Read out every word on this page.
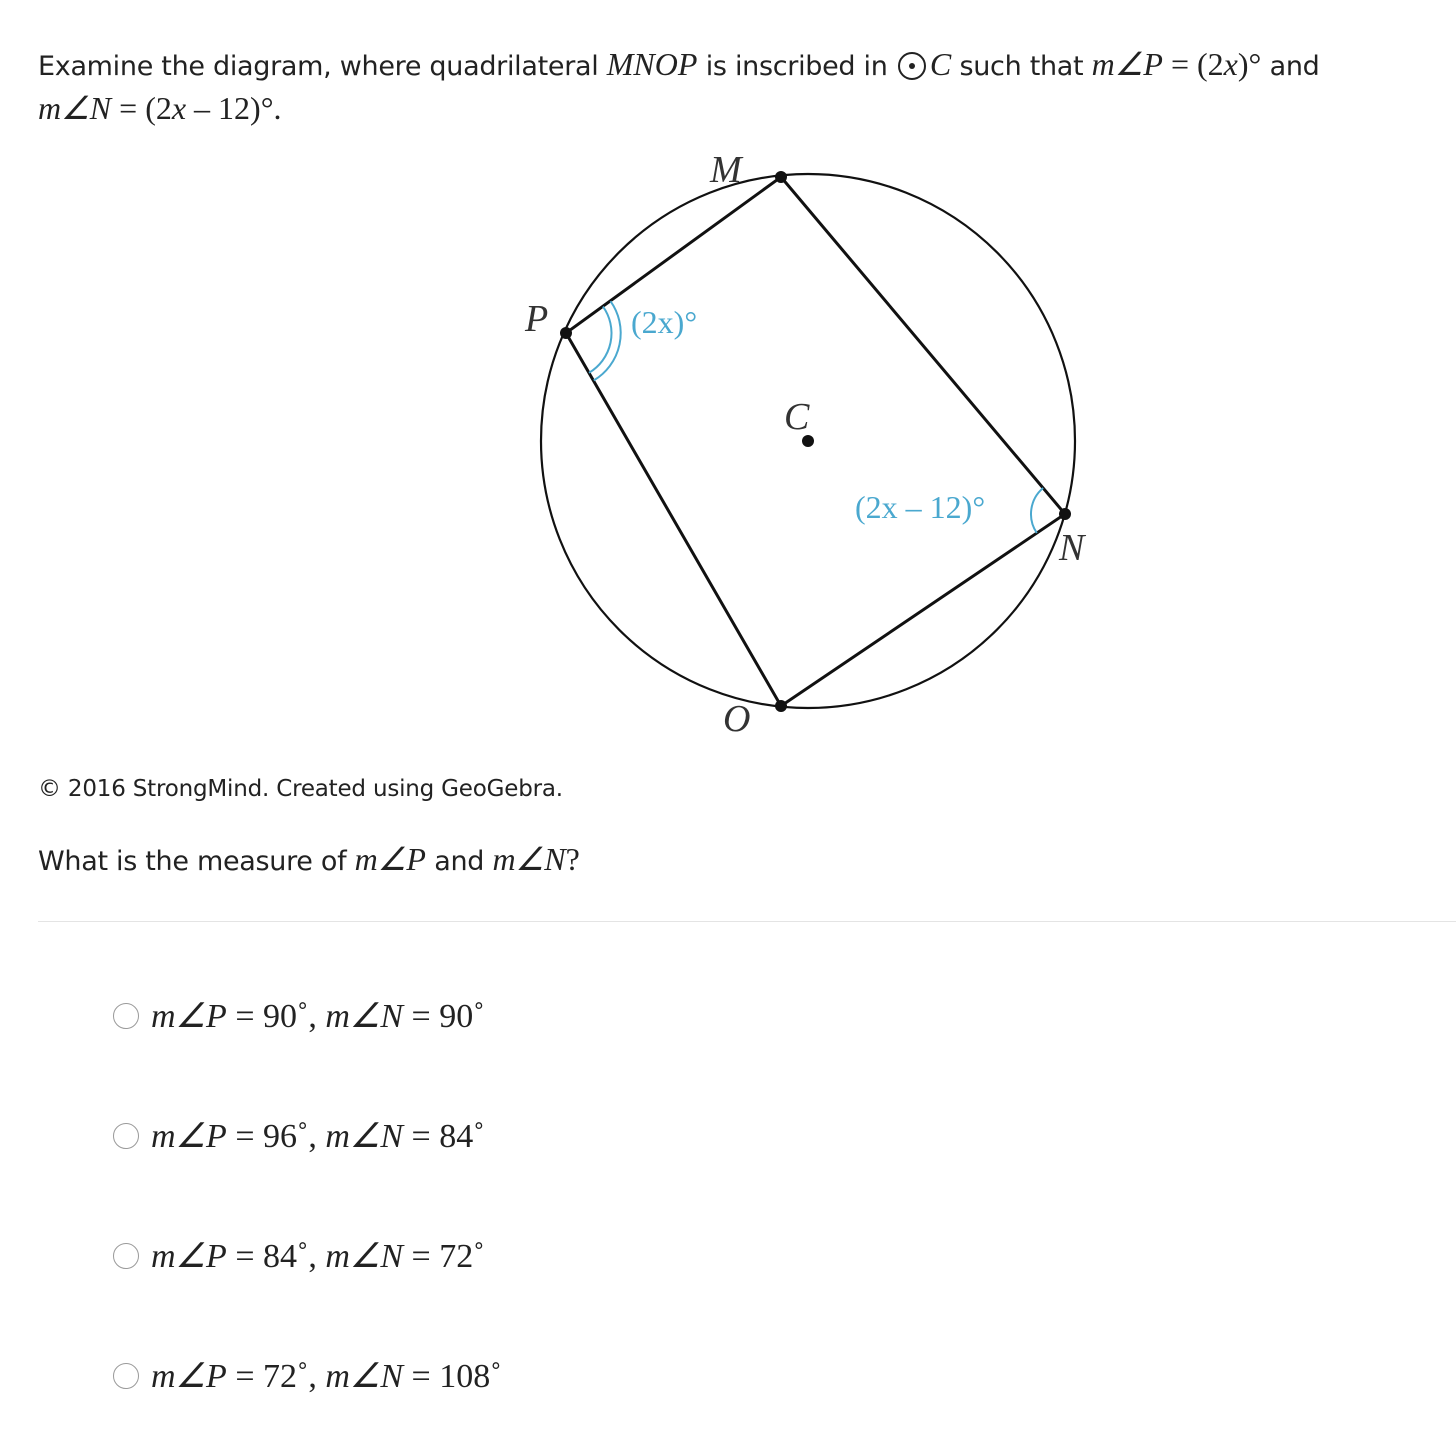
Examine the diagram, where quadrilateral MNOP is inscribed in C such that m∠P = (2x)° and
m∠N = (2x – 12)°.
M
P
C
N
O
(2x)°
(2x – 12)°
© 2016 StrongMind. Created using GeoGebra.
What is the measure of m∠P and m∠N?
m∠P = 90˚, m∠N = 90˚
m∠P = 96˚, m∠N = 84˚
m∠P = 84˚, m∠N = 72˚
m∠P = 72˚, m∠N = 108˚
